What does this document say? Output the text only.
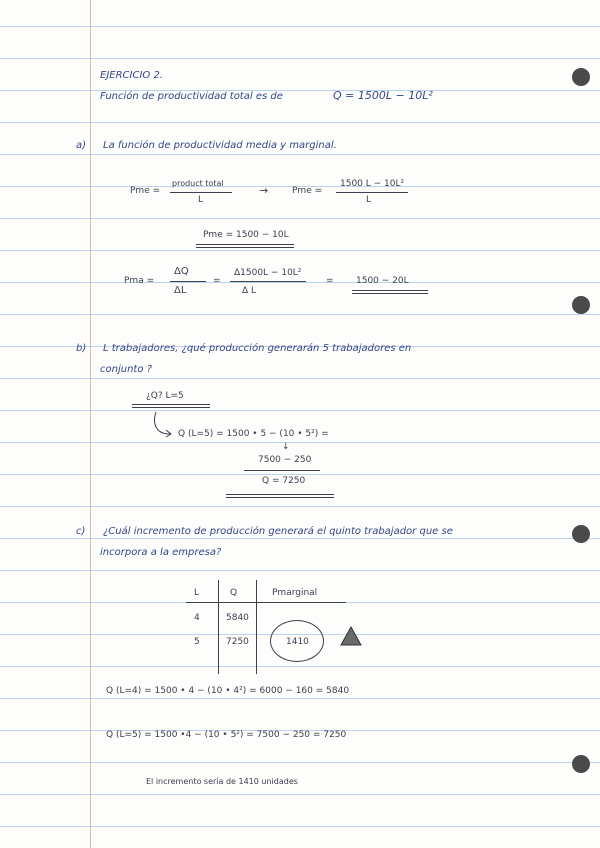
EJERCICIO 2.
Función de productividad total es de	Q = 1500L − 10L²
a) La función de productividad media y marginal.
Pme =
product total
L
→	Pme =
1500 L − 10L²
L
Pme = 1500 − 10L
Pma =
ΔQ
ΔL
=
Δ1500L − 10L²
Δ L
= 1500 − 20L
b) L trabajadores, ¿qué producción generarán 5 trabajadores en
conjunto ?
¿Q? L=5
Q (L=5) = 1500 • 5 − (10 • 5²) =
↓
7500 − 250
Q = 7250
c) ¿Cuál incremento de producción generará el quinto trabajador que se
incorpora a la empresa?
L	Q	Pmarginal
4	5840
5	7250	1410
Q (L=4) = 1500 • 4 − (10 • 4²) = 6000 − 160 = 5840
Q (L=5) = 1500 •4 − (10 • 5²) = 7500 − 250 = 7250
El incremento sería de 1410 unidades
